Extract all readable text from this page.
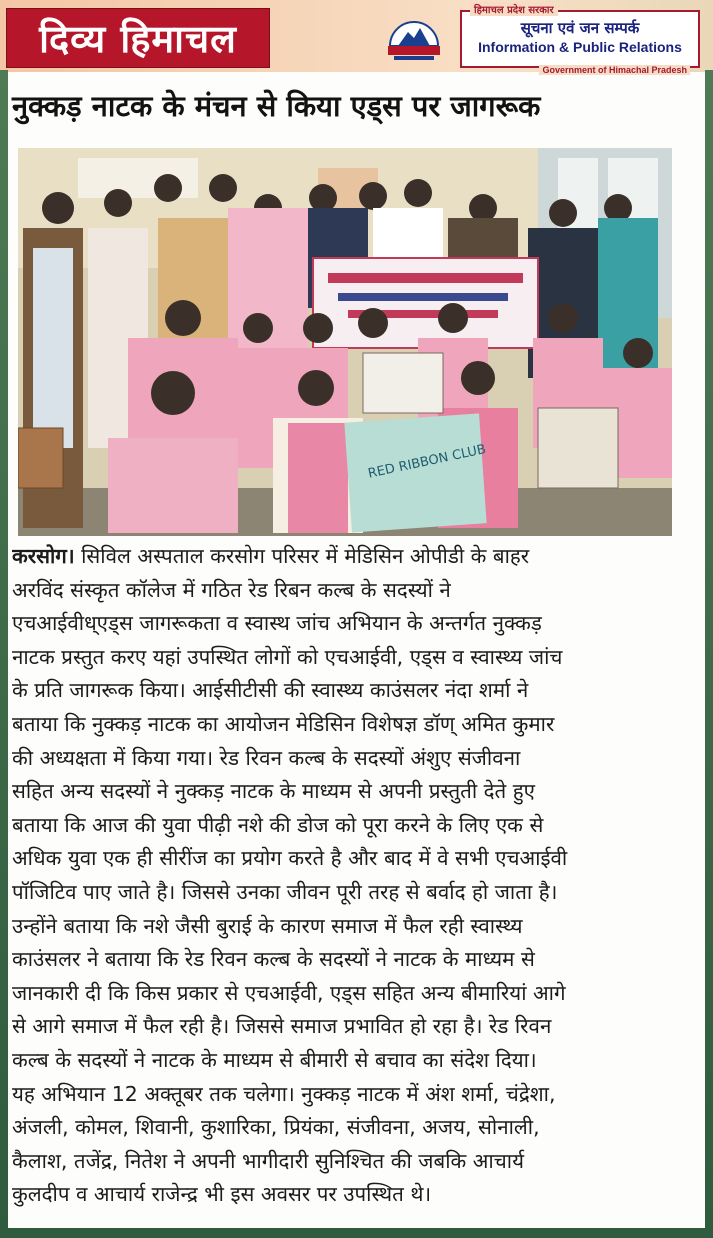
दिव्य हिमाचल
हिमाचल प्रदेश सरकार
सूचना एवं जन सम्पर्क
Information & Public Relations
Government of Himachal Pradesh
नुक्कड़ नाटक के मंचन से किया एड्स पर जागरूक
RED RIBBON CLUB
करसोग। सिविल अस्पताल करसोग परिसर में मेडिसिन ओपीडी के बाहर
अरविंद संस्कृत कॉलेज में गठित रेड रिबन कल्ब के सदस्यों ने
एचआईवीध्एड्स जागरूकता व स्वास्थ जांच अभियान के अन्तर्गत नुक्कड़
नाटक प्रस्तुत करए यहां उपस्थित लोगों को एचआईवी, एड्स व स्वास्थ्य जांच
के प्रति जागरूक किया। आईसीटीसी की स्वास्थ्य काउंसलर नंदा शर्मा ने
बताया कि नुक्कड़ नाटक का आयोजन मेडिसिन विशेषज्ञ डॉण् अमित कुमार
की अध्यक्षता में किया गया। रेड रिवन कल्ब के सदस्यों अंशुए संजीवना
सहित अन्य सदस्यों ने नुक्कड़ नाटक के माध्यम से अपनी प्रस्तुती देते हुए
बताया कि आज की युवा पीढ़ी नशे की डोज को पूरा करने के लिए एक से
अधिक युवा एक ही सीरींज का प्रयोग करते है और बाद में वे सभी एचआईवी
पॉजिटिव पाए जाते है। जिससे उनका जीवन पूरी तरह से बर्वाद हो जाता है।
उन्होंने बताया कि नशे जैसी बुराई के कारण समाज में फैल रही स्वास्थ्य
काउंसलर ने बताया कि रेड रिवन कल्ब के सदस्यों ने नाटक के माध्यम से
जानकारी दी कि किस प्रकार से एचआईवी, एड्स सहित अन्य बीमारियां आगे
से आगे समाज में फैल रही है। जिससे समाज प्रभावित हो रहा है। रेड रिवन
कल्ब के सदस्यों ने नाटक के माध्यम से बीमारी से बचाव का संदेश दिया।
यह अभियान 12 अक्तूबर तक चलेगा। नुक्कड़ नाटक में अंश शर्मा, चंद्रेशा,
अंजली, कोमल, शिवानी, कुशारिका, प्रियंका, संजीवना, अजय, सोनाली,
कैलाश, तजेंद्र, नितेश ने अपनी भागीदारी सुनिश्चित की जबकि आचार्य
कुलदीप व आचार्य राजेन्द्र भी इस अवसर पर उपस्थित थे।
